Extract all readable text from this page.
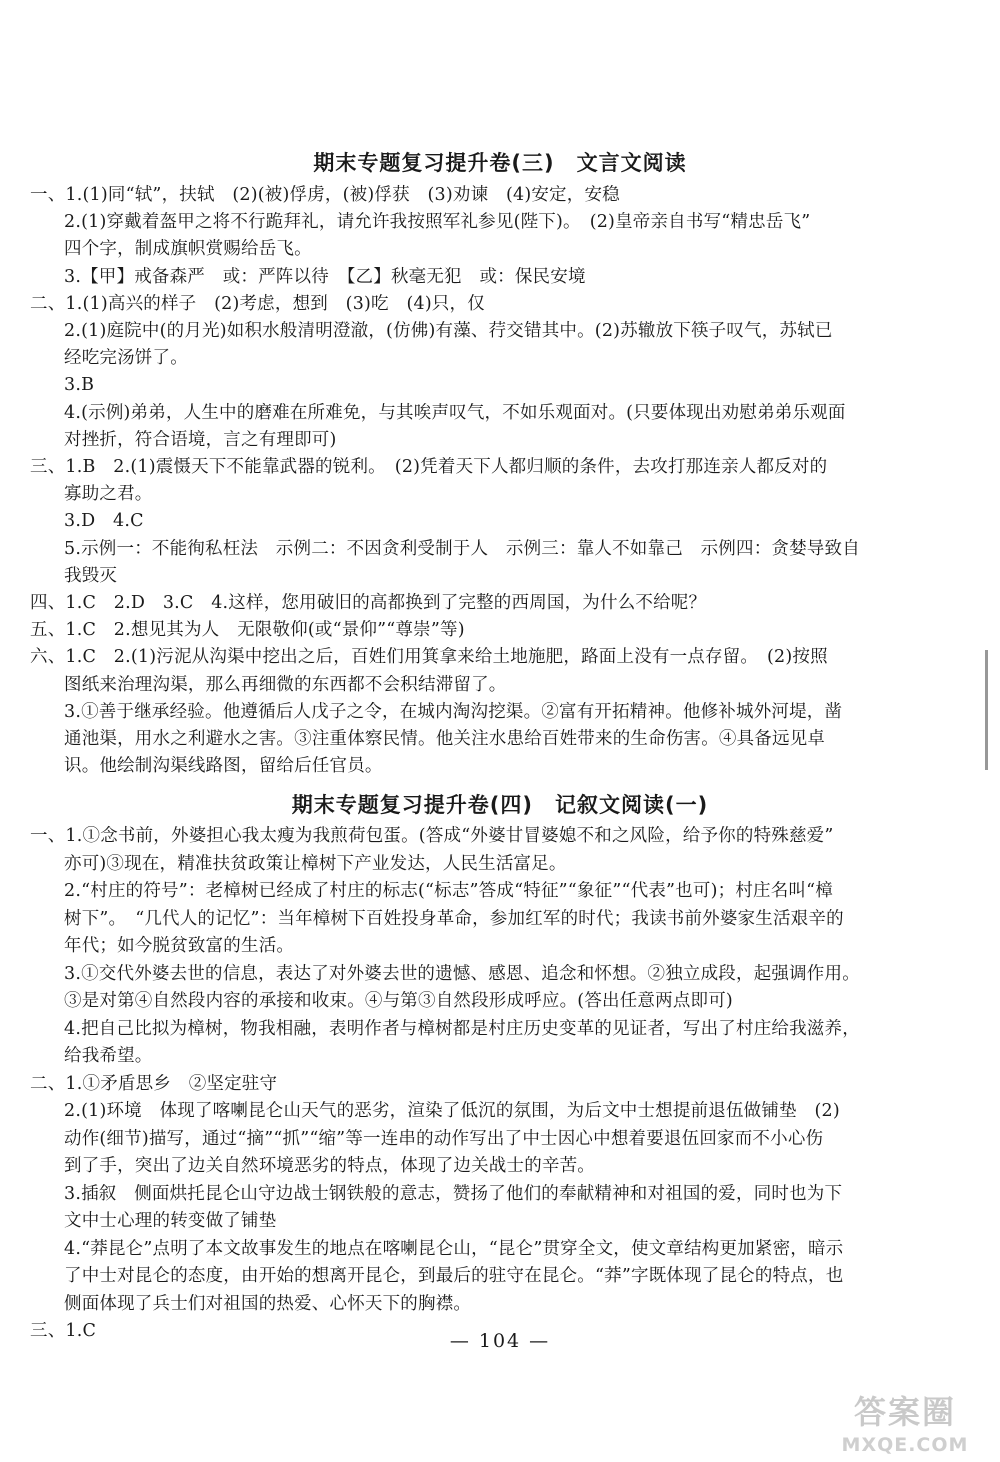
期末专题复习提升卷(三)　文言文阅读
一、1.(1)同“轼”，扶轼　(2)(被)俘虏，(被)俘获　(3)劝谏　(4)安定，安稳
2.(1)穿戴着盔甲之将不行跪拜礼，请允许我按照军礼参见(陛下)。　(2)皇帝亲自书写“精忠岳飞”
四个字，制成旗帜赏赐给岳飞。
3.【甲】戒备森严　或：严阵以待　【乙】秋毫无犯　或：保民安境
二、1.(1)高兴的样子　(2)考虑，想到　(3)吃　(4)只，仅
2.(1)庭院中(的月光)如积水般清明澄澈，(仿佛)有藻、荇交错其中。(2)苏辙放下筷子叹气，苏轼已
经吃完汤饼了。
3.B
4.(示例)弟弟，人生中的磨难在所难免，与其唉声叹气，不如乐观面对。(只要体现出劝慰弟弟乐观面
对挫折，符合语境，言之有理即可)
三、1.B　2.(1)震慑天下不能靠武器的锐利。　(2)凭着天下人都归顺的条件，去攻打那连亲人都反对的
寡助之君。
3.D　4.C
5.示例一：不能徇私枉法　示例二：不因贪利受制于人　示例三：靠人不如靠己　示例四：贪婪导致自
我毁灭
四、1.C　2.D　3.C　4.这样，您用破旧的高都换到了完整的西周国，为什么不给呢？
五、1.C　2.想见其为人　无限敬仰(或“景仰”“尊崇”等)
六、1.C　2.(1)污泥从沟渠中挖出之后，百姓们用箕拿来给土地施肥，路面上没有一点存留。　(2)按照
图纸来治理沟渠，那么再细微的东西都不会积结滞留了。
3.①善于继承经验。他遵循后人戊子之令，在城内淘沟挖渠。②富有开拓精神。他修补城外河堤，凿
通池渠，用水之利避水之害。③注重体察民情。他关注水患给百姓带来的生命伤害。④具备远见卓
识。他绘制沟渠线路图，留给后任官员。
期末专题复习提升卷(四)　记叙文阅读(一)
一、1.①念书前，外婆担心我太瘦为我煎荷包蛋。(答成“外婆甘冒婆媳不和之风险，给予你的特殊慈爱”
亦可)③现在，精准扶贫政策让樟树下产业发达，人民生活富足。
2.“村庄的符号”：老樟树已经成了村庄的标志(“标志”答成“特征”“象征”“代表”也可)；村庄名叫“樟
树下”。　“几代人的记忆”：当年樟树下百姓投身革命，参加红军的时代；我读书前外婆家生活艰辛的
年代；如今脱贫致富的生活。
3.①交代外婆去世的信息，表达了对外婆去世的遗憾、感恩、追念和怀想。②独立成段，起强调作用。
③是对第④自然段内容的承接和收束。④与第③自然段形成呼应。(答出任意两点即可)
4.把自己比拟为樟树，物我相融，表明作者与樟树都是村庄历史变革的见证者，写出了村庄给我滋养，
给我希望。
二、1.①矛盾思乡　②坚定驻守
2.(1)环境　体现了喀喇昆仑山天气的恶劣，渲染了低沉的氛围，为后文中士想提前退伍做铺垫　(2)
动作(细节)描写，通过“摘”“抓”“缩”等一连串的动作写出了中士因心中想着要退伍回家而不小心伤
到了手，突出了边关自然环境恶劣的特点，体现了边关战士的辛苦。
3.插叙　侧面烘托昆仑山守边战士钢铁般的意志，赞扬了他们的奉献精神和对祖国的爱，同时也为下
文中士心理的转变做了铺垫
4.“莽昆仑”点明了本文故事发生的地点在喀喇昆仑山，“昆仑”贯穿全文，使文章结构更加紧密，暗示
了中士对昆仑的态度，由开始的想离开昆仑，到最后的驻守在昆仑。“莽”字既体现了昆仑的特点，也
侧面体现了兵士们对祖国的热爱、心怀天下的胸襟。
三、1.C	— 104 —
答案圈
MXQE.COM
